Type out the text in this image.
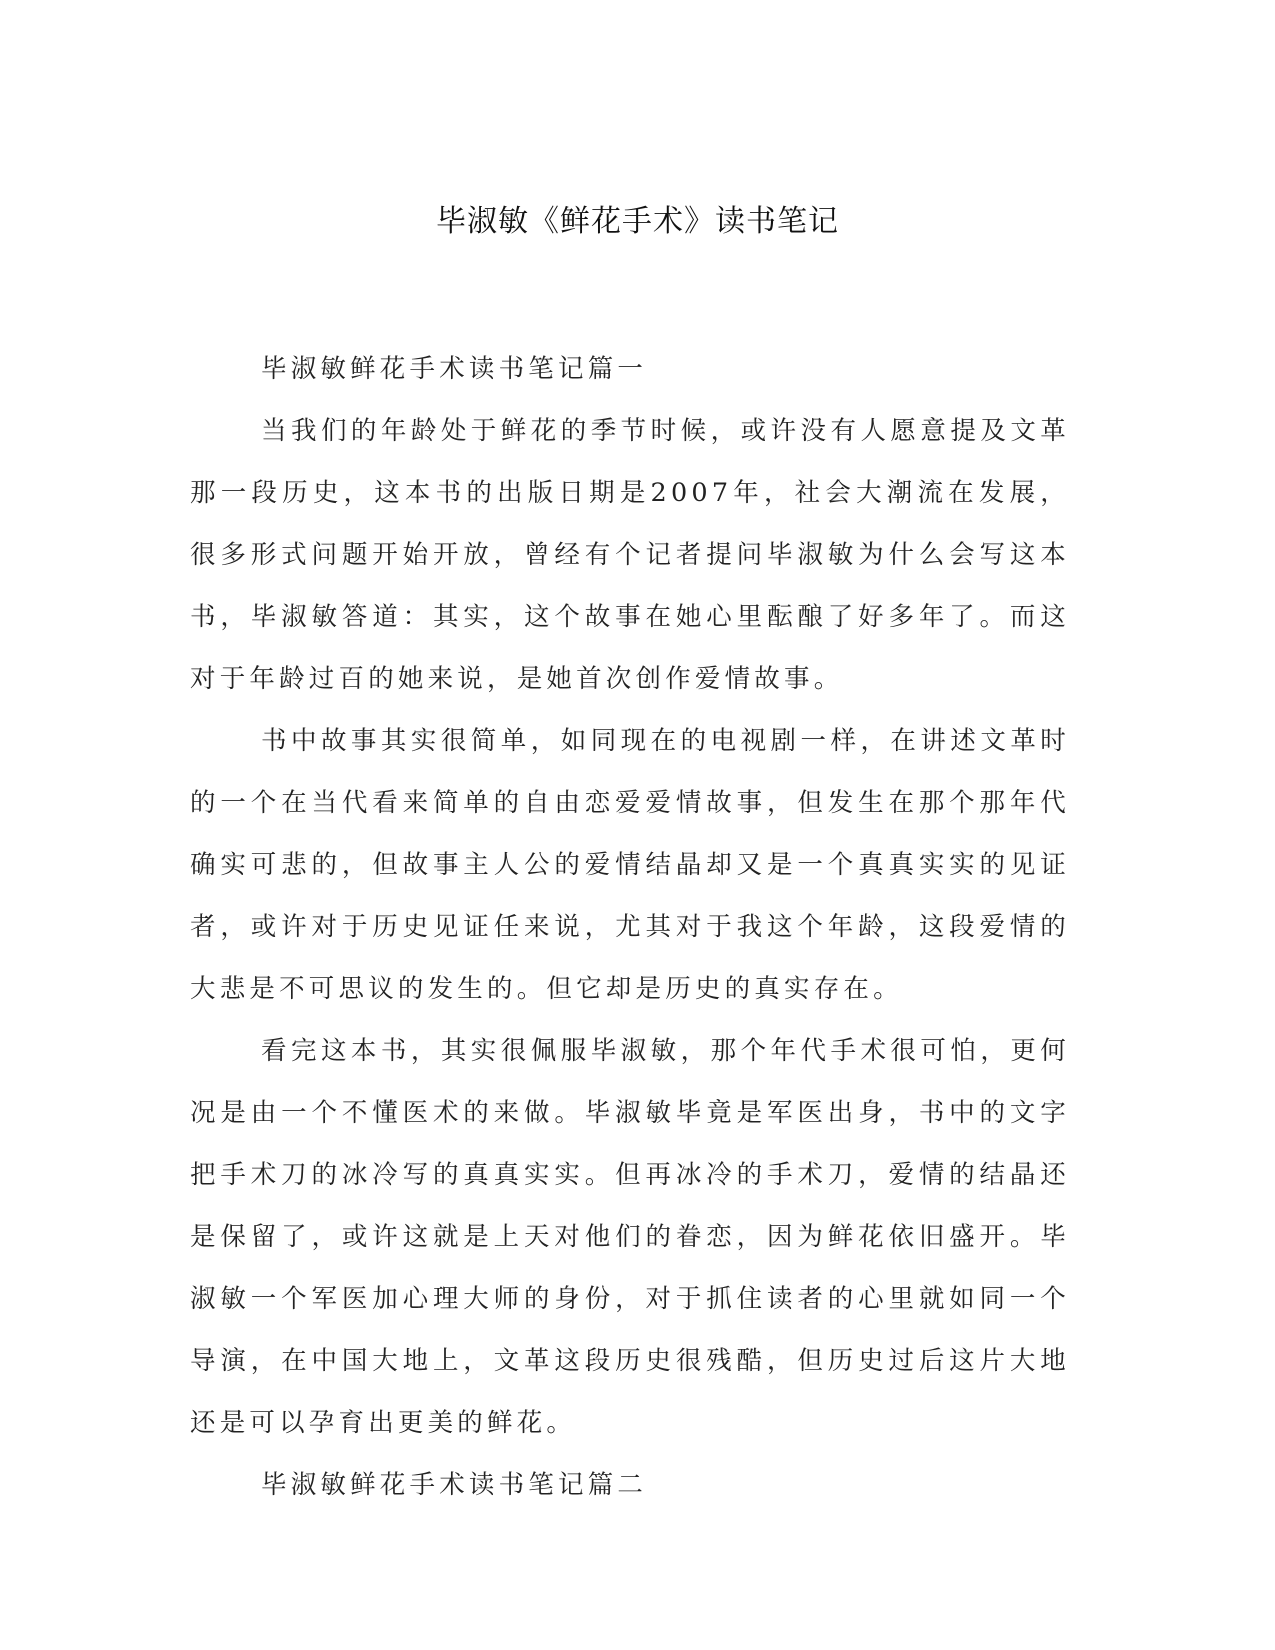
毕淑敏《鲜花手术》读书笔记

毕淑敏鲜花手术读书笔记篇一

当我们的年龄处于鲜花的季节时候，或许没有人愿意提及文革那一段历史，这本书的出版日期是2007年，社会大潮流在发展，很多形式问题开始开放，曾经有个记者提问毕淑敏为什么会写这本书，毕淑敏答道：其实，这个故事在她心里酝酿了好多年了。而这对于年龄过百的她来说，是她首次创作爱情故事。

书中故事其实很简单，如同现在的电视剧一样，在讲述文革时的一个在当代看来简单的自由恋爱爱情故事，但发生在那个那年代确实可悲的，但故事主人公的爱情结晶却又是一个真真实实的见证者，或许对于历史见证任来说，尤其对于我这个年龄，这段爱情的大悲是不可思议的发生的。但它却是历史的真实存在。

看完这本书，其实很佩服毕淑敏，那个年代手术很可怕，更何况是由一个不懂医术的来做。毕淑敏毕竟是军医出身，书中的文字把手术刀的冰冷写的真真实实。但再冰冷的手术刀，爱情的结晶还是保留了，或许这就是上天对他们的眷恋，因为鲜花依旧盛开。毕淑敏一个军医加心理大师的身份，对于抓住读者的心里就如同一个导演，在中国大地上，文革这段历史很残酷，但历史过后这片大地还是可以孕育出更美的鲜花。

毕淑敏鲜花手术读书笔记篇二
